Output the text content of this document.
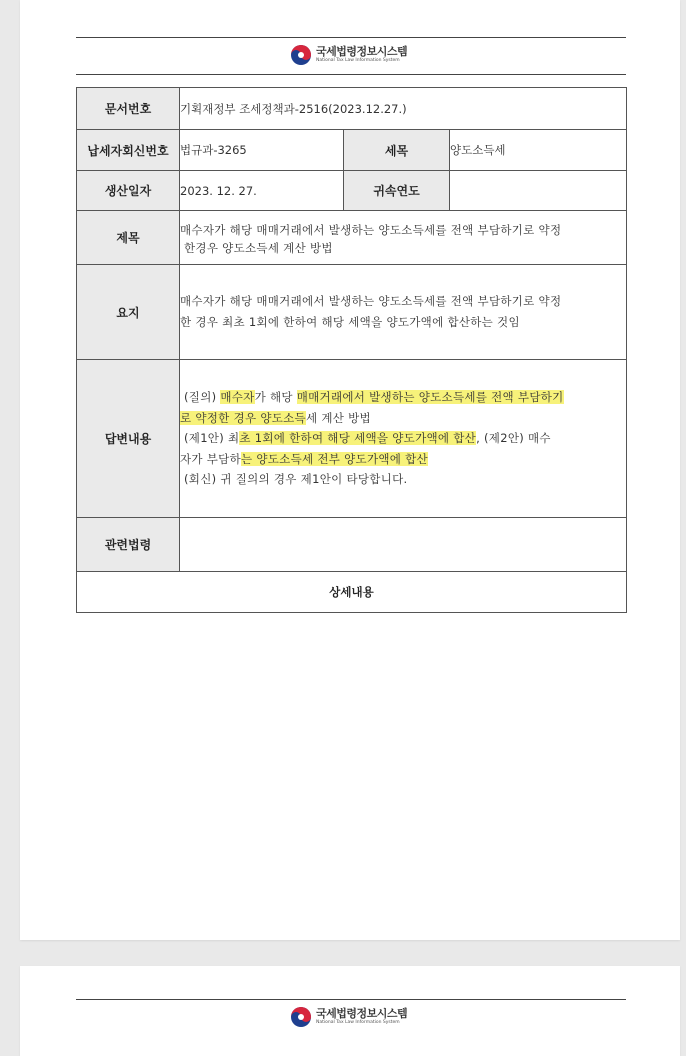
국세법령정보시스템
National Tax Law Information System
문서번호	기획재정부 조세정책과-2516(2023.12.27.)		
납세자회신번호	법규과-3265	세목	양도소득세
생산일자	2023. 12. 27.	귀속연도	
제목	매수자가 해당 매매거래에서 발생하는 양도소득세를 전액 부담하기로 약정
한경우 양도소득세 계산 방법		

요지	매수자가 해당 매매거래에서 발생하는 양도소득세를 전액 부담하기로 약정
한 경우 최초 1회에 한하여 해당 세액을 양도가액에 합산하는 것임		

답변내용	(질의) 매수자가 해당 매매거래에서 발생하는 양도소득세를 전액 부담하기
로 약정한 경우 양도소득세 계산 방법
(제1안) 최초 1회에 한하여 해당 세액을 양도가액에 합산, (제2안) 매수
자가 부담하는 양도소득세 전부 양도가액에 합산
(회신) 귀 질의의 경우 제1안이 타당합니다.		

관련법령			
상세내용			
국세법령정보시스템
National Tax Law Information System
